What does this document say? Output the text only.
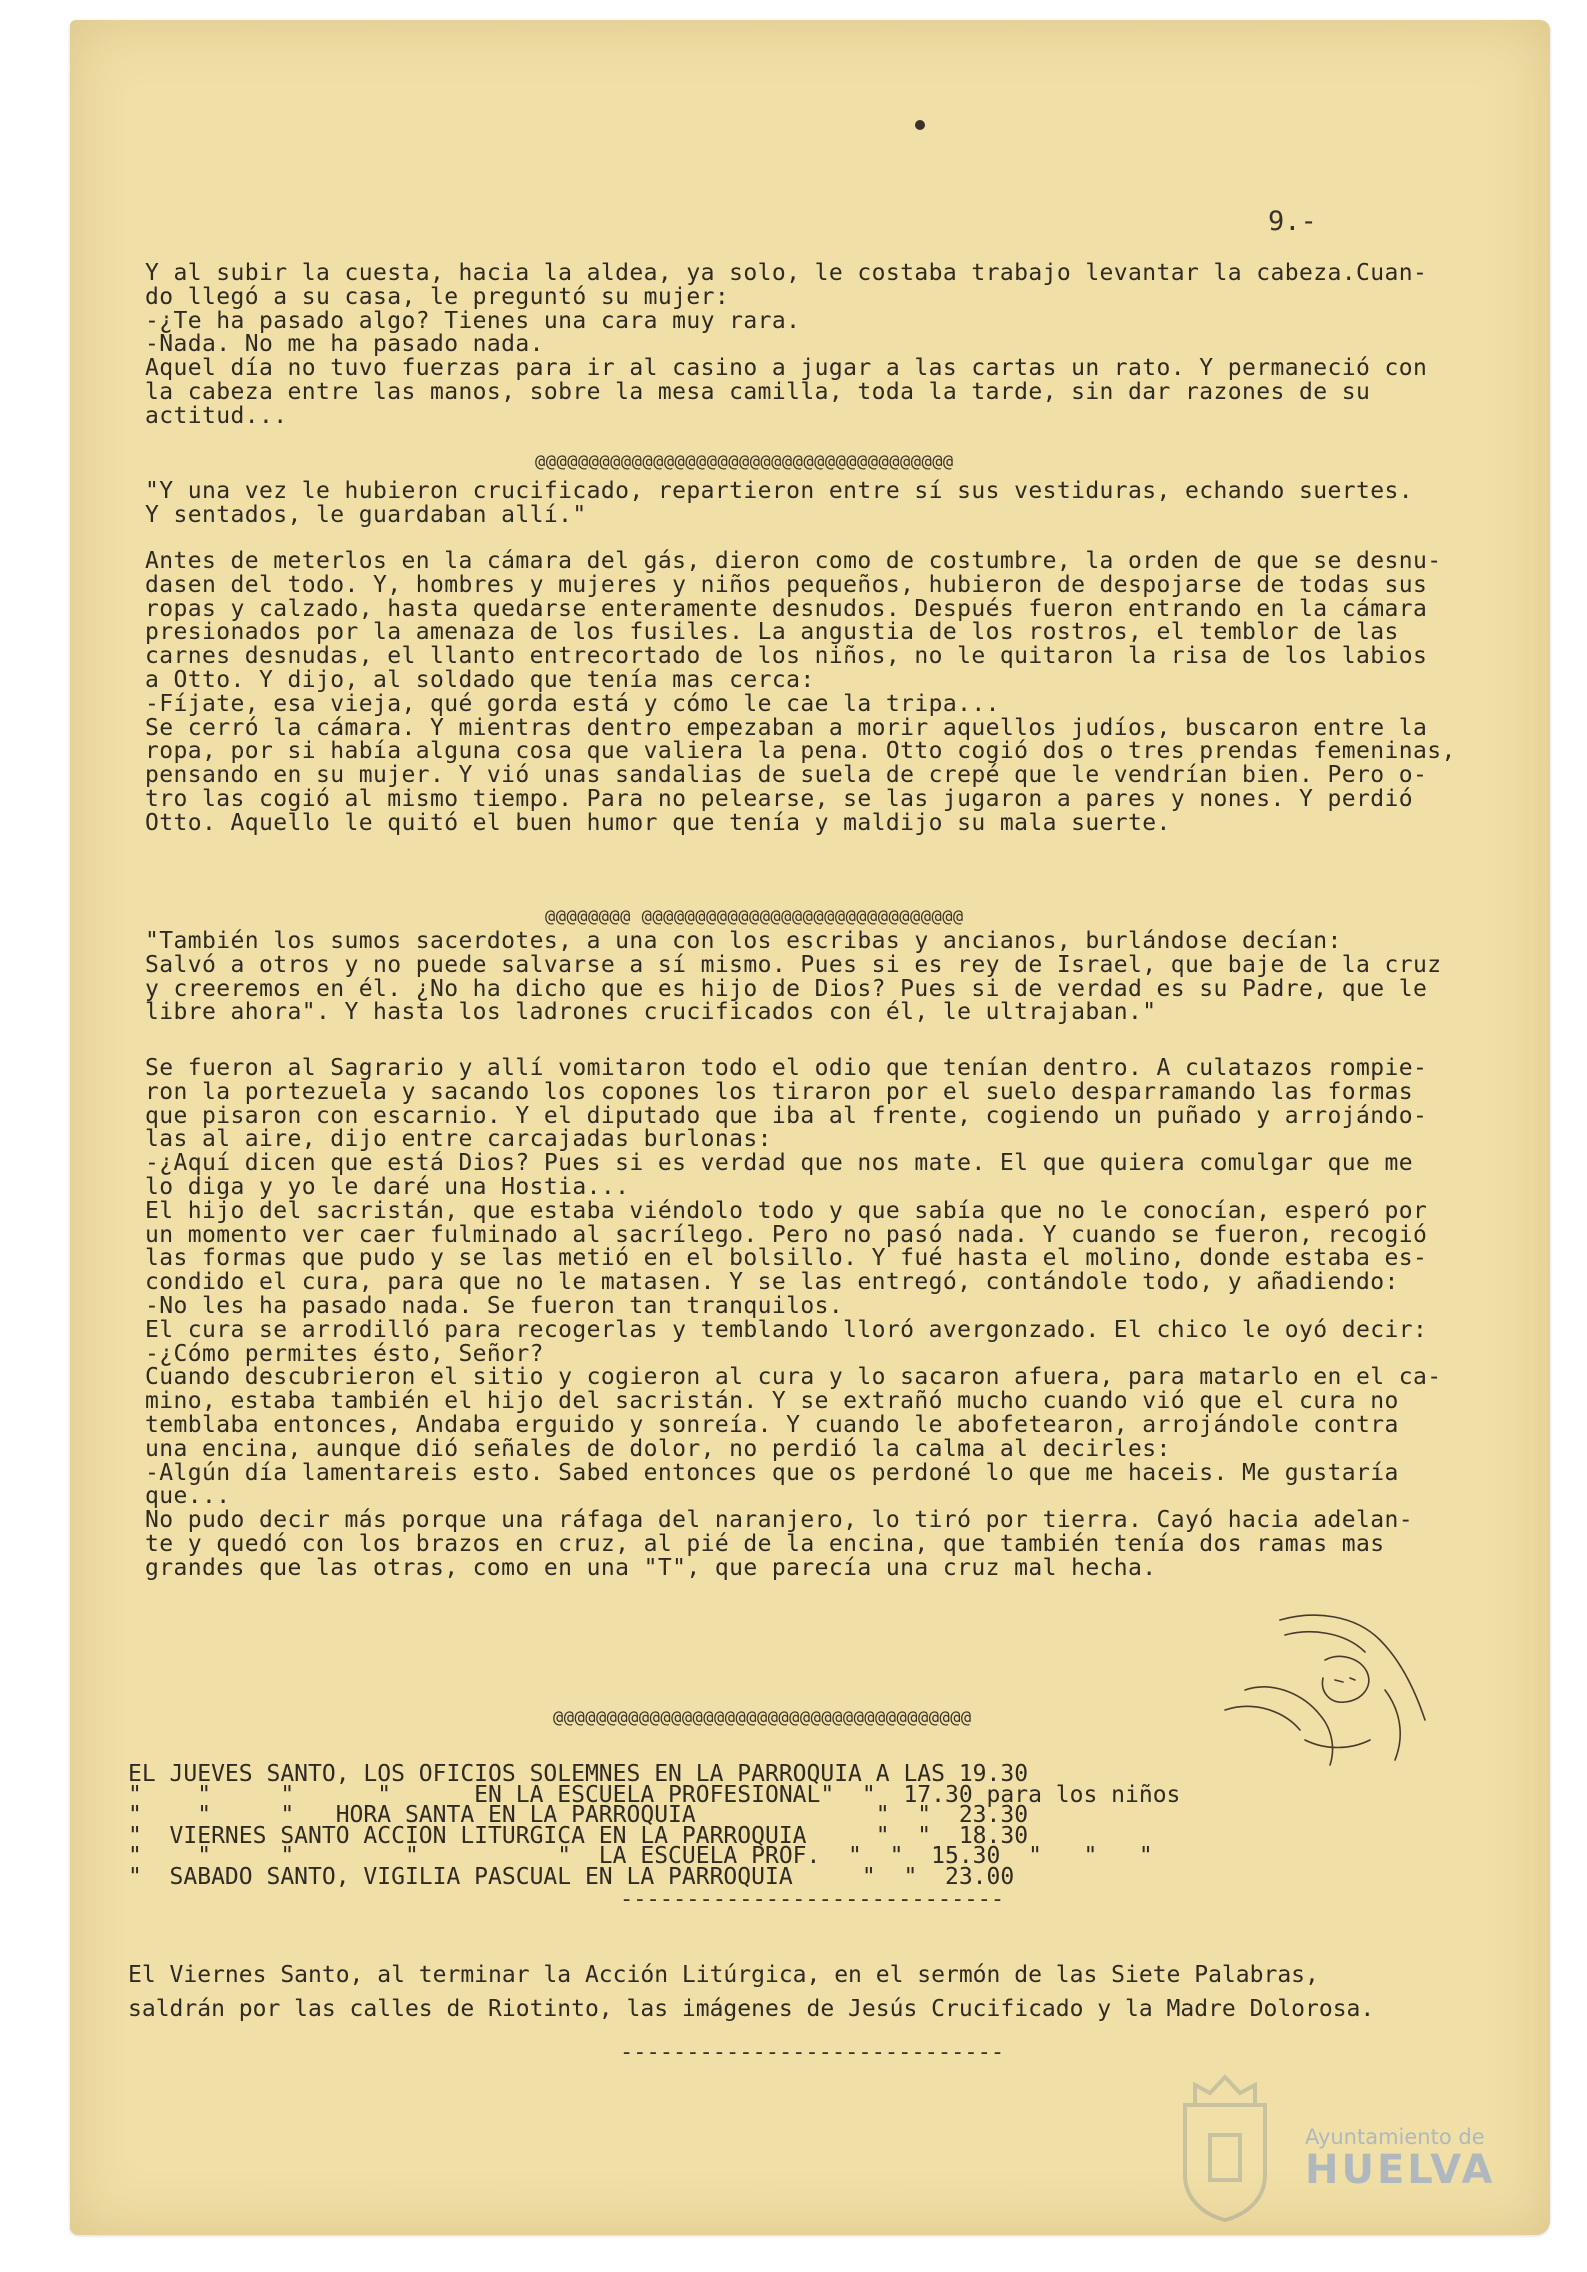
9.-
Y al subir la cuesta, hacia la aldea, ya solo, le costaba trabajo levantar la cabeza.Cuan-
do llegó a su casa, le preguntó su mujer:
-¿Te ha pasado algo? Tienes una cara muy rara.
-Nada. No me ha pasado nada.
Aquel día no tuvo fuerzas para ir al casino a jugar a las cartas un rato. Y permaneció con
la cabeza entre las manos, sobre la mesa camilla, toda la tarde, sin dar razones de su
actitud...
@@@@@@@@@@@@@@@@@@@@@@@@@@@@@@@@@@@@@@@
"Y una vez le hubieron crucificado, repartieron entre sí sus vestiduras, echando suertes.
Y sentados, le guardaban allí."
Antes de meterlos en la cámara del gás, dieron como de costumbre, la orden de que se desnu-
dasen del todo. Y, hombres y mujeres y niños pequeños, hubieron de despojarse de todas sus
ropas y calzado, hasta quedarse enteramente desnudos. Después fueron entrando en la cámara
presionados por la amenaza de los fusiles. La angustia de los rostros, el temblor de las
carnes desnudas, el llanto entrecortado de los niños, no le quitaron la risa de los labios
a Otto. Y dijo, al soldado que tenía mas cerca:
-Fíjate, esa vieja, qué gorda está y cómo le cae la tripa...
Se cerró la cámara. Y mientras dentro empezaban a morir aquellos judíos, buscaron entre la
ropa, por si había alguna cosa que valiera la pena. Otto cogió dos o tres prendas femeninas,
pensando en su mujer. Y vió unas sandalias de suela de crepé que le vendrían bien. Pero o-
tro las cogió al mismo tiempo. Para no pelearse, se las jugaron a pares y nones. Y perdió
Otto. Aquello le quitó el buen humor que tenía y maldijo su mala suerte.
@@@@@@@@ @@@@@@@@@@@@@@@@@@@@@@@@@@@@@@
"También los sumos sacerdotes, a una con los escribas y ancianos, burlándose decían:
Salvó a otros y no puede salvarse a sí mismo. Pues si es rey de Israel, que baje de la cruz
y creeremos en él. ¿No ha dicho que es hijo de Dios? Pues si de verdad es su Padre, que le
libre ahora". Y hasta los ladrones crucificados con él, le ultrajaban."
Se fueron al Sagrario y allí vomitaron todo el odio que tenían dentro. A culatazos rompie-
ron la portezuela y sacando los copones los tiraron por el suelo desparramando las formas
que pisaron con escarnio. Y el diputado que iba al frente, cogiendo un puñado y arrojándo-
las al aire, dijo entre carcajadas burlonas:
-¿Aquí dicen que está Dios? Pues si es verdad que nos mate. El que quiera comulgar que me
lo diga y yo le daré una Hostia...
El hijo del sacristán, que estaba viéndolo todo y que sabía que no le conocían, esperó por
un momento ver caer fulminado al sacrílego. Pero no pasó nada. Y cuando se fueron, recogió
las formas que pudo y se las metió en el bolsillo. Y fué hasta el molino, donde estaba es-
condido el cura, para que no le matasen. Y se las entregó, contándole todo, y añadiendo:
-No les ha pasado nada. Se fueron tan tranquilos.
El cura se arrodilló para recogerlas y temblando lloró avergonzado. El chico le oyó decir:
-¿Cómo permites ésto, Señor?
Cuando descubrieron el sitio y cogieron al cura y lo sacaron afuera, para matarlo en el ca-
mino, estaba también el hijo del sacristán. Y se extrañó mucho cuando vió que el cura no
temblaba entonces, Andaba erguido y sonreía. Y cuando le abofetearon, arrojándole contra
una encina, aunque dió señales de dolor, no perdió la calma al decirles:
-Algún día lamentareis esto. Sabed entonces que os perdoné lo que me haceis. Me gustaría
que...
No pudo decir más porque una ráfaga del naranjero, lo tiró por tierra. Cayó hacia adelan-
te y quedó con los brazos en cruz, al pié de la encina, que también tenía dos ramas mas
grandes que las otras, como en una "T", que parecía una cruz mal hecha.
@@@@@@@@@@@@@@@@@@@@@@@@@@@@@@@@@@@@@@@
EL JUEVES SANTO, LOS OFICIOS SOLEMNES EN LA PARROQUIA A LAS 19.30
"    "     "      "      EN LA ESCUELA PROFESIONAL"  "  17.30 para los niños
"    "     "   HORA SANTA EN LA PARROQUIA             "  "  23.30
"  VIERNES SANTO ACCION LITURGICA EN LA PARROQUIA     "  "  18.30
"    "     "        "          "  LA ESCUELA PROF.  "  "  15.30  "   "   "
"  SABADO SANTO, VIGILIA PASCUAL EN LA PARROQUIA     "  "  23.00
-----------------------------
El Viernes Santo, al terminar la Acción Litúrgica, en el sermón de las Siete Palabras,
saldrán por las calles de Riotinto, las imágenes de Jesús Crucificado y la Madre Dolorosa.
-----------------------------
Ayuntamiento de
HUELVA
